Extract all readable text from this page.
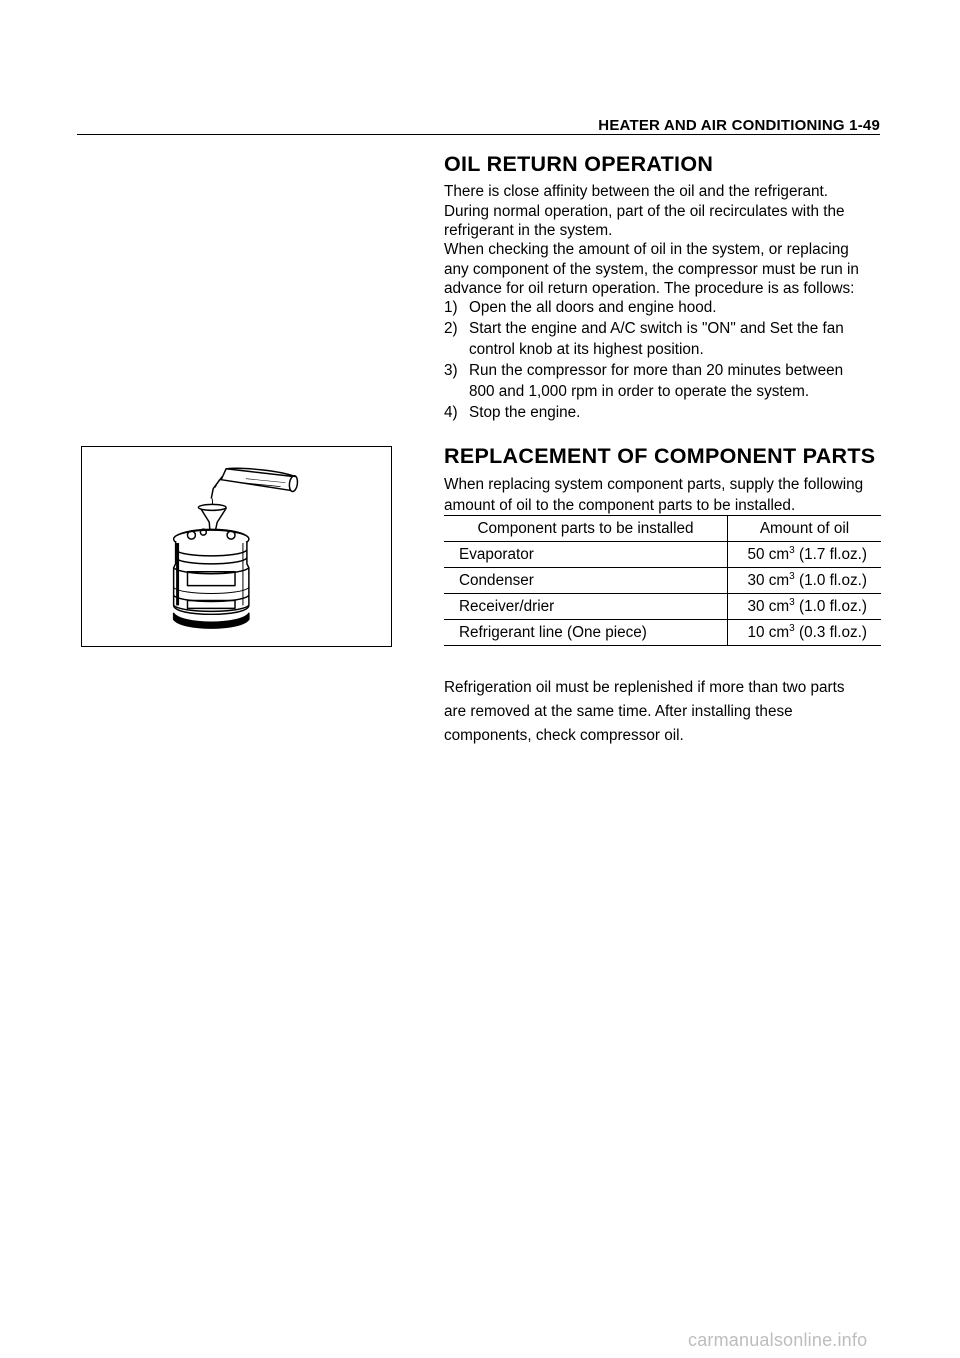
HEATER AND AIR CONDITIONING 1-49
OIL RETURN OPERATION
There is close affinity between the oil and the refrigerant.
During normal operation, part of the oil recirculates with the
refrigerant in the system.
When checking the amount of oil in the system, or replacing
any component of the system, the compressor must be run in
advance for oil return operation. The procedure is as follows:
1) Open the all doors and engine hood.
2) Start the engine and A/C switch is "ON" and Set the fan
control knob at its highest position.
3) Run the compressor for more than 20 minutes between
800 and 1,000 rpm in order to operate the system.
4) Stop the engine.
REPLACEMENT OF COMPONENT PARTS
When replacing system component parts, supply the following
amount of oil to the component parts to be installed.
Component parts to be installed	Amount of oil
Evaporator	50 $cm^3$ (1.7 fl.oz.)
Condenser	30 $cm^3$ (1.0 fl.oz.)
Receiver/drier	30 $cm^3$ (1.0 fl.oz.)
Refrigerant line (One piece)	10 $cm^3$ (0.3 fl.oz.)
Refrigeration oil must be replenished if more than two parts
are removed at the same time. After installing these
components, check compressor oil.
carmanualsonline.info
